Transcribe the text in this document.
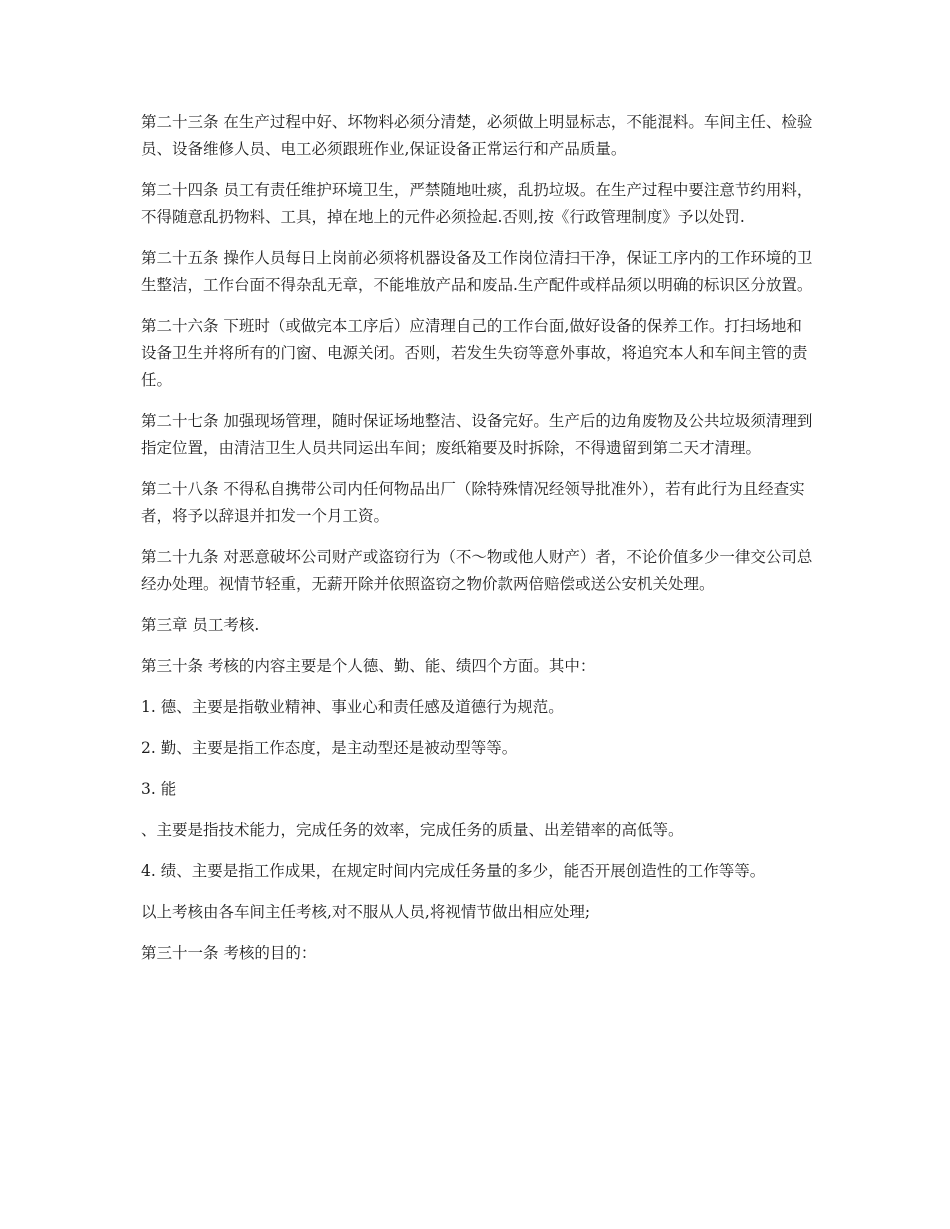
第二十三条 在生产过程中好、坏物料必须分清楚，必须做上明显标志，不能混料。车间主任、检验员、设备维修人员、电工必须跟班作业,保证设备正常运行和产品质量。

第二十四条 员工有责任维护环境卫生，严禁随地吐痰，乱扔垃圾。在生产过程中要注意节约用料，不得随意乱扔物料、工具，掉在地上的元件必须捡起.否则,按《行政管理制度》予以处罚.

第二十五条 操作人员每日上岗前必须将机器设备及工作岗位清扫干净，保证工序内的工作环境的卫生整洁，工作台面不得杂乱无章，不能堆放产品和废品.生产配件或样品须以明确的标识区分放置。

第二十六条 下班时（或做完本工序后）应清理自己的工作台面,做好设备的保养工作。打扫场地和设备卫生并将所有的门窗、电源关闭。否则，若发生失窃等意外事故，将追究本人和车间主管的责任。

第二十七条 加强现场管理，随时保证场地整洁、设备完好。生产后的边角废物及公共垃圾须清理到指定位置，由清洁卫生人员共同运出车间；废纸箱要及时拆除，不得遗留到第二天才清理。

第二十八条 不得私自携带公司内任何物品出厂（除特殊情况经领导批准外），若有此行为且经查实者，将予以辞退并扣发一个月工资。

第二十九条 对恶意破坏公司财产或盗窃行为（不～物或他人财产）者，不论价值多少一律交公司总经办处理。视情节轻重，无薪开除并依照盗窃之物价款两倍赔偿或送公安机关处理。

第三章 员工考核.

第三十条 考核的内容主要是个人德、勤、能、绩四个方面。其中：

1. 德、主要是指敬业精神、事业心和责任感及道德行为规范。

2. 勤、主要是指工作态度，是主动型还是被动型等等。

3. 能

、主要是指技术能力，完成任务的效率，完成任务的质量、出差错率的高低等。

4. 绩、主要是指工作成果，在规定时间内完成任务量的多少，能否开展创造性的工作等等。

以上考核由各车间主任考核,对不服从人员,将视情节做出相应处理;

第三十一条 考核的目的：
